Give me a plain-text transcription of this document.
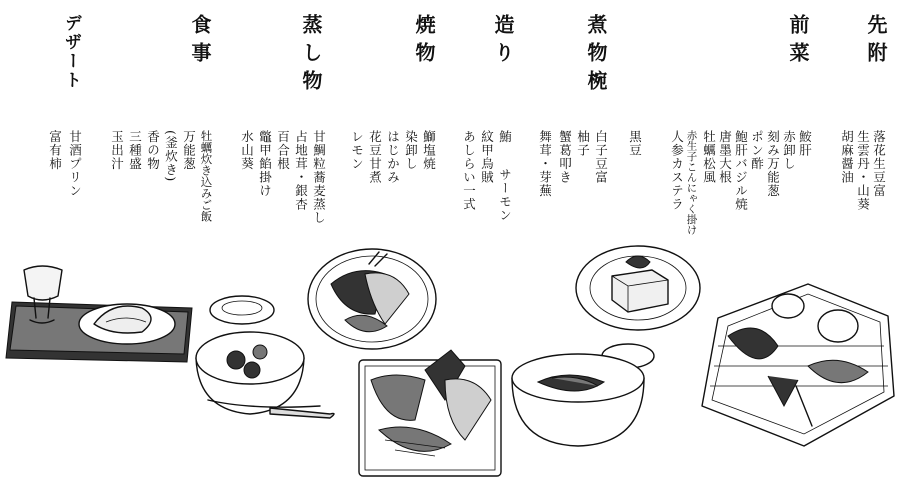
先附
前菜
煮物椀
造り
焼物
蒸し物
食事
デザート
落花生豆富
生雲丹・山葵
胡麻醤油
鮟肝
赤卸し
刻み万能葱
ポン酢
鮑肝バジル焼
唐墨大根
牡蠣松風
赤生子こんにゃく掛け
人参カステラ
黒豆
白子豆富
柚子
蟹葛叩き
舞茸・芽蕪
鮪
紋甲烏賊
サーモン
あしらい一式
鰤塩焼
染卸し
はじかみ
花豆甘煮
レモン
甘鯛粒蕎麦蒸し
占地茸・銀杏
百合根
鼈甲餡掛け
水山葵
牡蠣炊き込みご飯
万能葱
(釜炊き)
香の物
三種盛
玉出汁
甘酒プリン
富有柿
